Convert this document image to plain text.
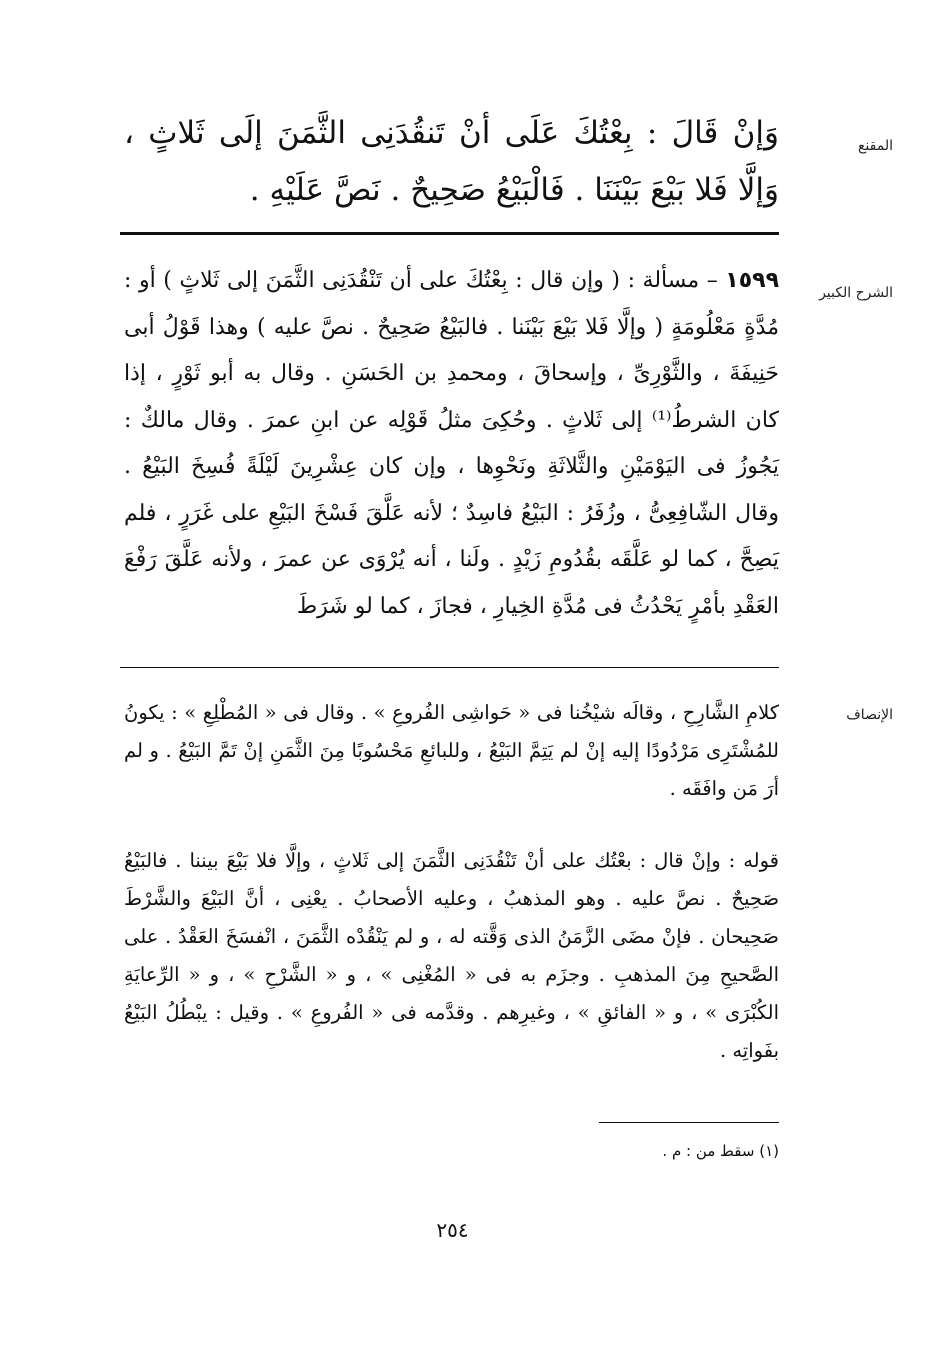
المقنع

وَإنْ قَالَ : بِعْتُكَ عَلَى أنْ تَنقُدَنِى الثَّمَنَ إلَى ثَلاثٍ ، وَإلَّا فَلا بَيْعَ بَيْنَنَا . فَالْبَيْعُ صَحِيحٌ . نَصَّ عَلَيْهِ .

الشرح الكبير

١٥٩٩ – مسألة : ( وإن قال : بِعْتُكَ على أن تَنْقُدَنِى الثَّمَنَ إلى ثَلاثٍ ) أو : مُدَّةٍ مَعْلُومَةٍ ( وإلَّا فَلا بَيْعَ بَيْنَنا . فالبَيْعُ صَحِيحٌ . نصَّ عليه ) وهذا قَوْلُ أبى حَنِيفَةَ ، والثَّوْرِىِّ ، وإسحاقَ ، ومحمدِ بن الحَسَنِ . وقال به أبو ثَوْرٍ ، إذا كان الشرطُ⁽¹⁾ إلى ثَلاثٍ . وحُكِىَ مثلُ قَوْلِه عن ابنِ عمرَ . وقال مالكٌ : يَجُوزُ فى اليَوْمَيْنِ والثَّلاثَةِ ونَحْوِها ، وإن كان عِشْرِينَ لَيْلَةً فُسِخَ البَيْعُ . وقال الشّافِعِىُّ ، وزُفَرُ : البَيْعُ فاسِدٌ ؛ لأنه عَلَّقَ فَسْخَ البَيْعِ على غَرَرٍ ، فلم يَصِحَّ ، كما لو عَلَّقَه بقُدُومِ زَيْدٍ . ولَنا ، أنه يُرْوَى عن عمرَ ، ولأنه عَلَّقَ رَفْعَ العَقْدِ بأمْرٍ يَحْدُثُ فى مُدَّةِ الخِيارِ ، فجازَ ، كما لو شَرَطَ

الإنصاف

كلامِ الشَّارِحِ ، وقالَه شيْخُنا فى « حَواشِى الفُروعِ » . وقال فى « المُطْلِعِ » : يكونُ للمُشْتَرِى مَرْدُودًا إليه إنْ لم يَتِمَّ البَيْعُ ، وللبائعِ مَحْسُوبًا مِنَ الثَّمَنِ إنْ تَمَّ البَيْعُ . و لم أرَ مَن وافَقَه .

قوله : وإنْ قال : بعْتُك على أنْ تَنْقُدَنِى الثَّمَنَ إلى ثَلاثٍ ، وإلَّا فلا بَيْعَ بيننا . فالبَيْعُ صَحِيحٌ . نصَّ عليه . وهو المذهبُ ، وعليه الأصحابُ . يعْنِى ، أنَّ البَيْعَ والشَّرْطَ صَحِيحان . فإنْ مضَى الزَّمَنُ الذى وَقَّته له ، و لم يَنْقُدْه الثَّمَنَ ، انْفسَخَ العَقْدُ . على الصَّحيحِ مِنَ المذهبِ . وجزَم به فى « المُغْنِى » ، و « الشَّرْحِ » ، و « الرِّعايَةِ الكُبْرَى » ، و « الفائقِ » ، وغيرِهم . وقدَّمه فى « الفُروعِ » . وقيل : يبْطُلُ البَيْعُ بفَواتِه .

(١) سقط من : م .
٢٥٤
